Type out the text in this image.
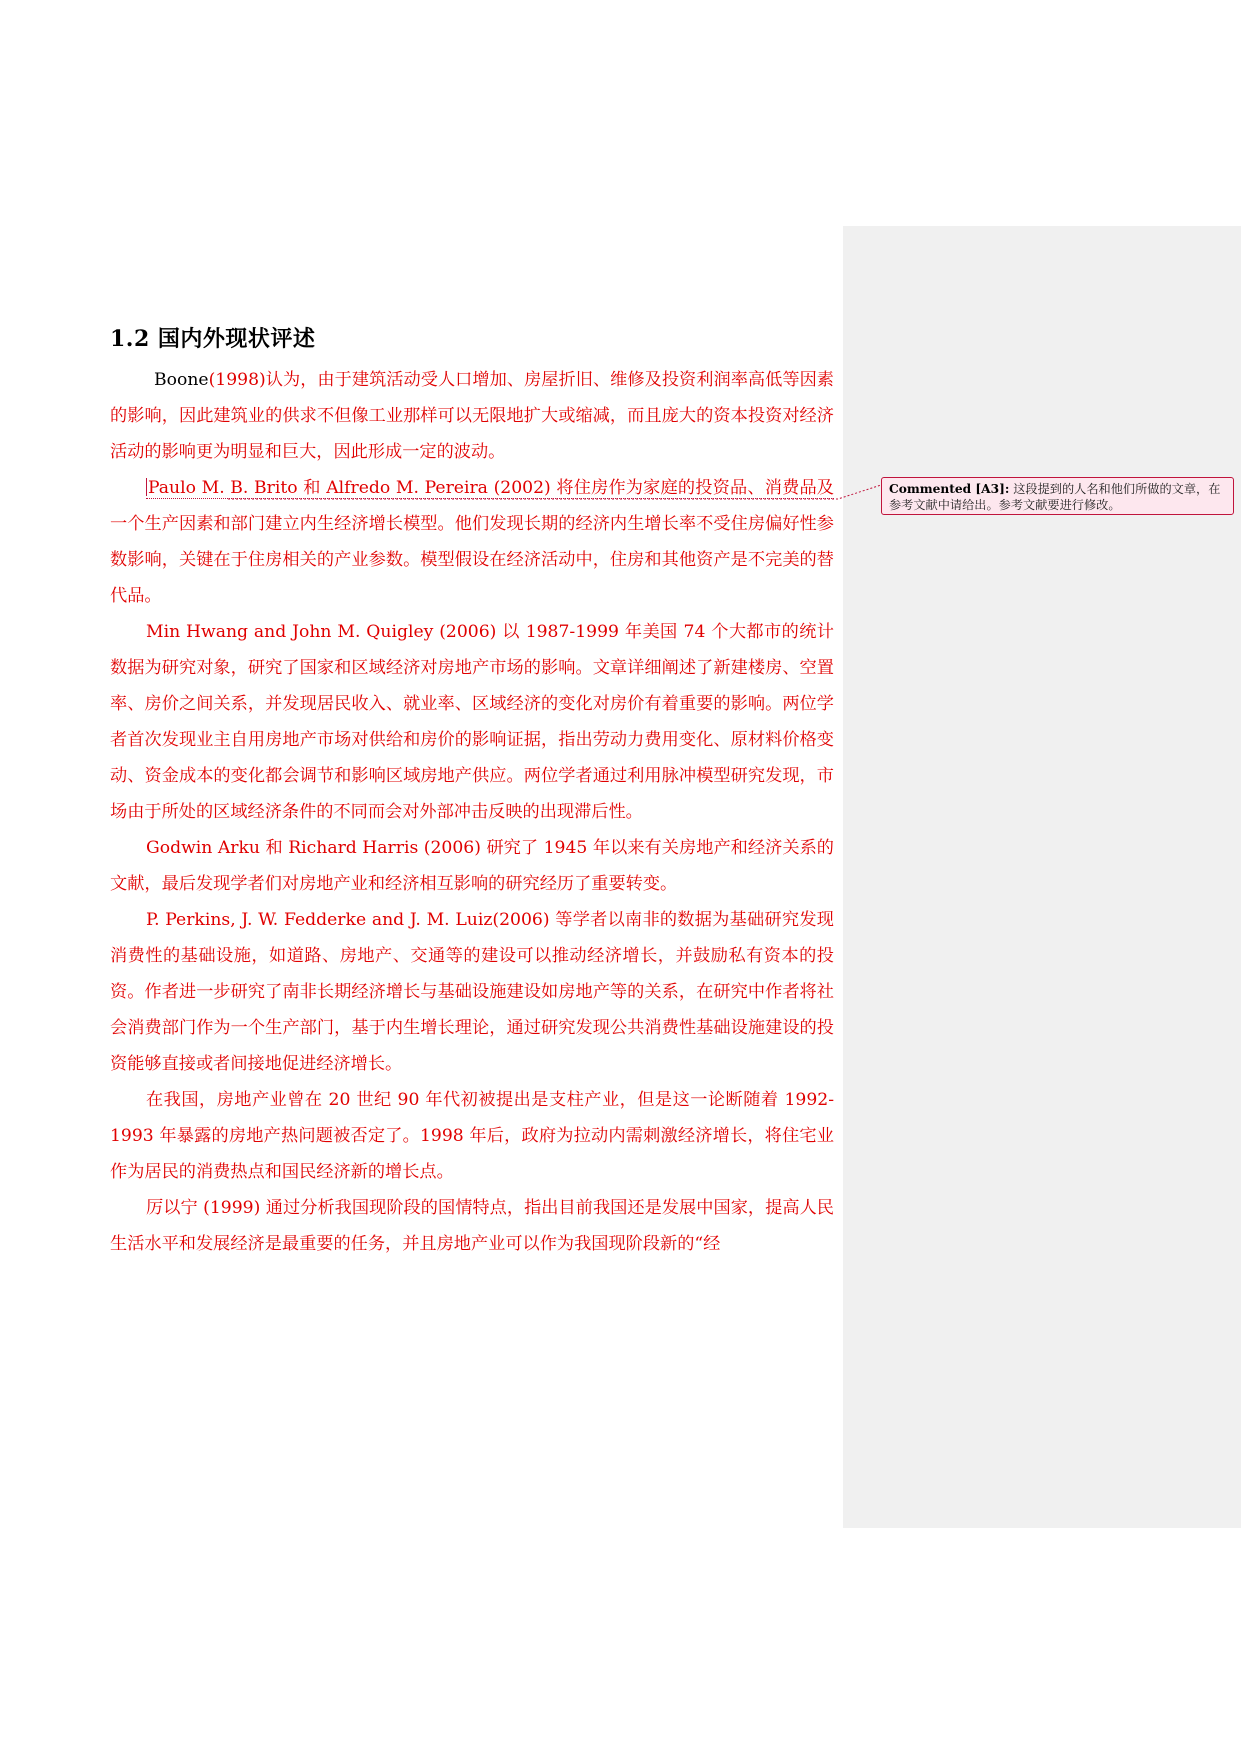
1.2 国内外现状评述

Boone(1998)认为，由于建筑活动受人口增加、房屋折旧、维修及投资利润率高低等因素的影响，因此建筑业的供求不但像工业那样可以无限地扩大或缩减，而且庞大的资本投资对经济活动的影响更为明显和巨大，因此形成一定的波动。

Paulo M. B. Brito 和 Alfredo M. Pereira (2002) 将住房作为家庭的投资品、消费品及一个生产因素和部门建立内生经济增长模型。他们发现长期的经济内生增长率不受住房偏好性参数影响，关键在于住房相关的产业参数。模型假设在经济活动中，住房和其他资产是不完美的替代品。

Min Hwang and John M. Quigley (2006) 以 1987-1999 年美国 74 个大都市的统计数据为研究对象，研究了国家和区域经济对房地产市场的影响。文章详细阐述了新建楼房、空置率、房价之间关系，并发现居民收入、就业率、区域经济的变化对房价有着重要的影响。两位学者首次发现业主自用房地产市场对供给和房价的影响证据，指出劳动力费用变化、原材料价格变动、资金成本的变化都会调节和影响区域房地产供应。两位学者通过利用脉冲模型研究发现，市场由于所处的区域经济条件的不同而会对外部冲击反映的出现滞后性。

Godwin Arku 和 Richard Harris (2006) 研究了 1945 年以来有关房地产和经济关系的文献，最后发现学者们对房地产业和经济相互影响的研究经历了重要转变。

P. Perkins, J. W. Fedderke and J. M. Luiz(2006) 等学者以南非的数据为基础研究发现消费性的基础设施，如道路、房地产、交通等的建设可以推动经济增长，并鼓励私有资本的投资。作者进一步研究了南非长期经济增长与基础设施建设如房地产等的关系，在研究中作者将社会消费部门作为一个生产部门，基于内生增长理论，通过研究发现公共消费性基础设施建设的投资能够直接或者间接地促进经济增长。

在我国，房地产业曾在 20 世纪 90 年代初被提出是支柱产业，但是这一论断随着 1992-1993 年暴露的房地产热问题被否定了。1998 年后，政府为拉动内需刺激经济增长，将住宅业作为居民的消费热点和国民经济新的增长点。

厉以宁 (1999) 通过分析我国现阶段的国情特点，指出目前我国还是发展中国家，提高人民生活水平和发展经济是最重要的任务，并且房地产业可以作为我国现阶段新的“经

Commented [A3]: 这段提到的人名和他们所做的文章，在参考文献中请给出。参考文献要进行修改。
